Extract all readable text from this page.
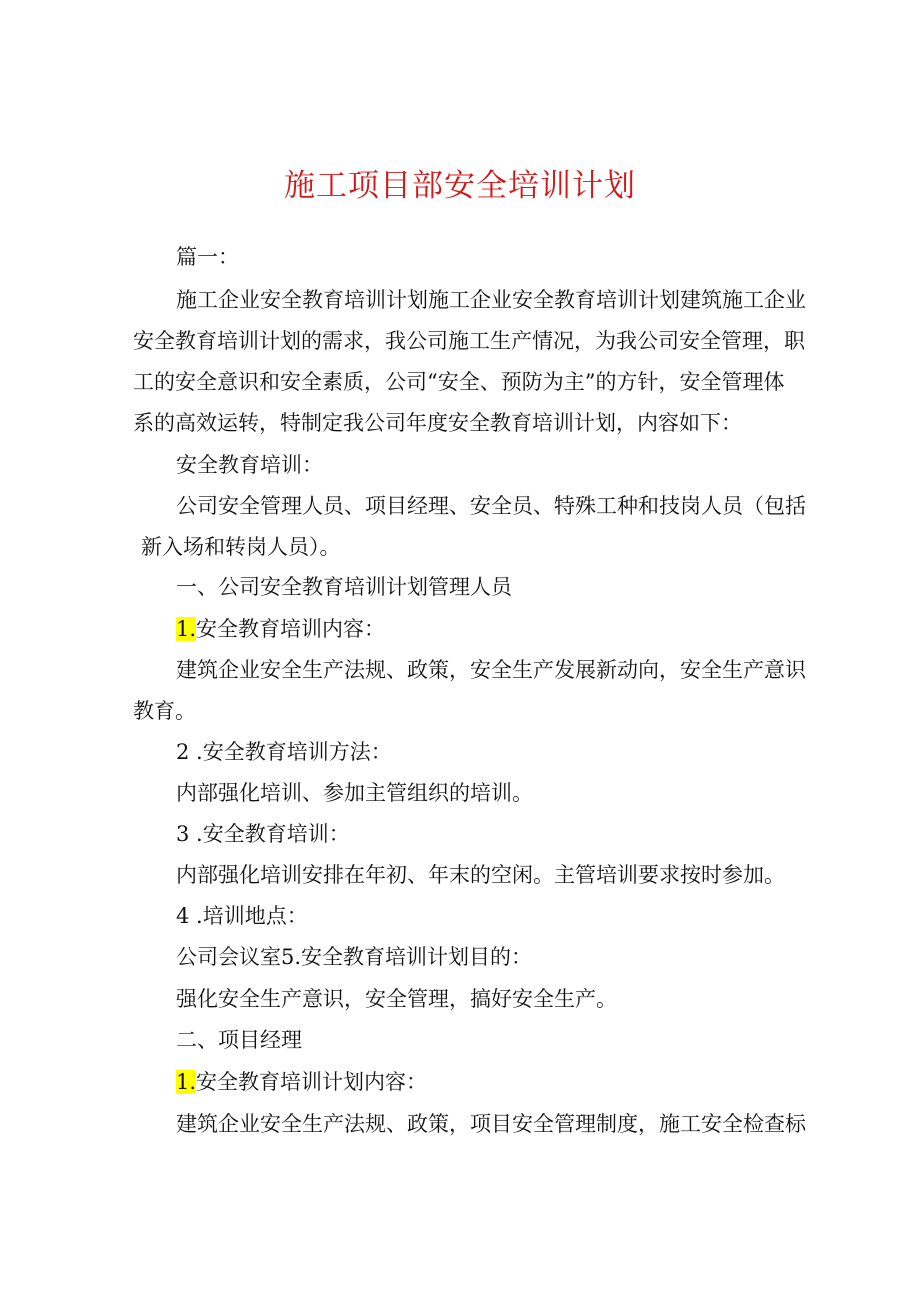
施工项目部安全培训计划
篇一：
施工企业安全教育培训计划施工企业安全教育培训计划建筑施工企业
安全教育培训计划的需求，我公司施工生产情况，为我公司安全管理，职
工的安全意识和安全素质，公司“安全、预防为主”的方针，安全管理体
系的高效运转，特制定我公司年度安全教育培训计划，内容如下：
安全教育培训：
公司安全管理人员、项目经理、安全员、特殊工种和技岗人员（包括
新入场和转岗人员）。
一、公司安全教育培训计划管理人员
1.安全教育培训内容：
建筑企业安全生产法规、政策，安全生产发展新动向，安全生产意识
教育。
2 .安全教育培训方法：
内部强化培训、参加主管组织的培训。
3 .安全教育培训：
内部强化培训安排在年初、年末的空闲。主管培训要求按时参加。
4 .培训地点：
公司会议室5.安全教育培训计划目的：
强化安全生产意识，安全管理，搞好安全生产。
二、项目经理
1.安全教育培训计划内容：
建筑企业安全生产法规、政策，项目安全管理制度，施工安全检查标
